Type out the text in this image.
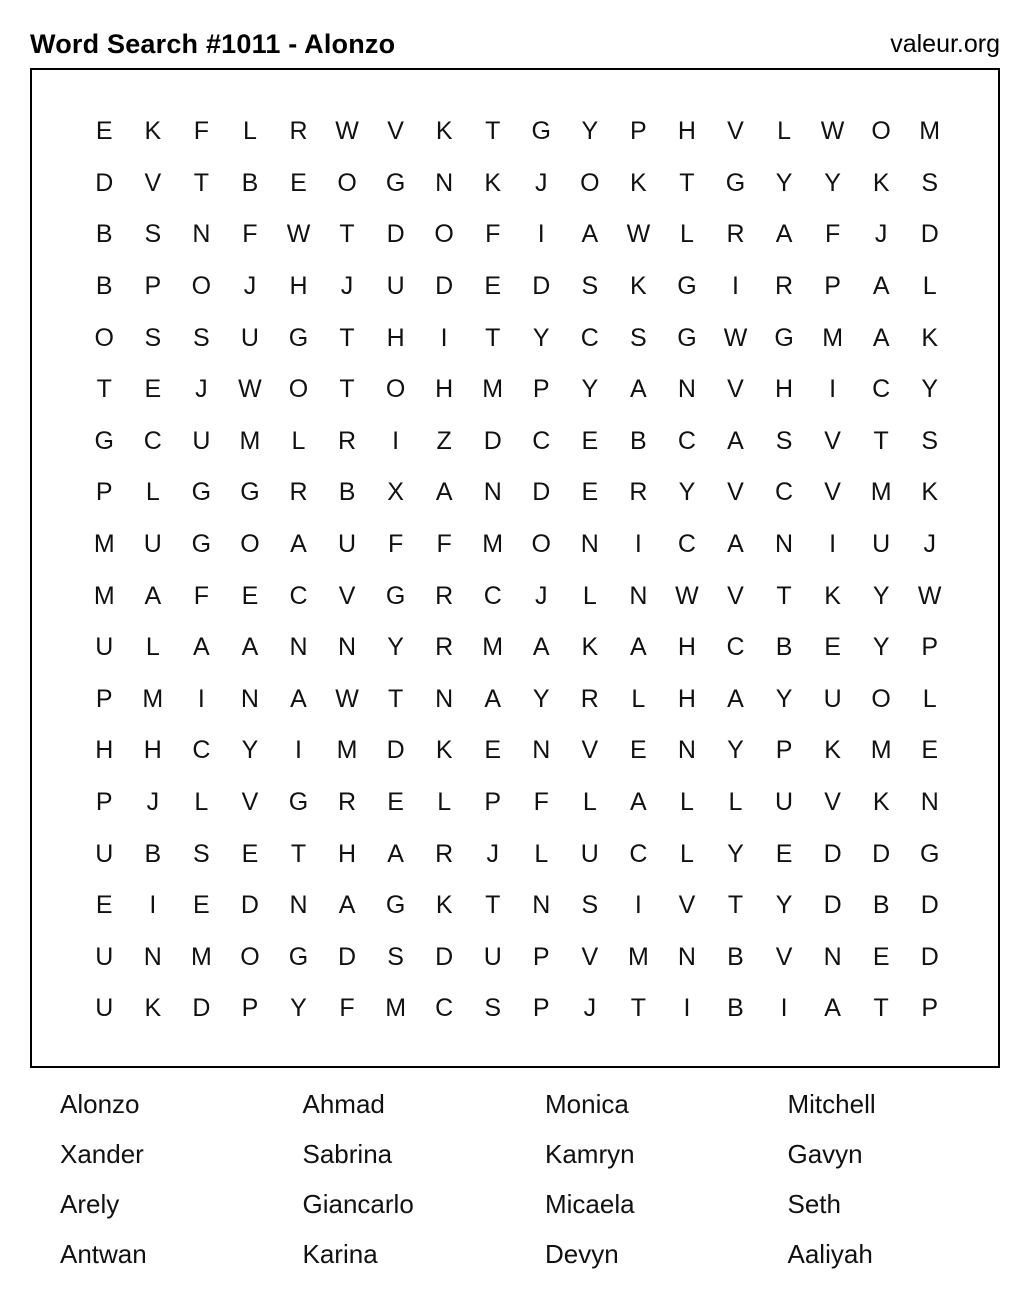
Word Search #1011 - Alonzo	valeur.org
E K F L R W V K T G Y P H V L W O M
D V T B E O G N K J O K T G Y Y K S
B S N F W T D O F I A W L R A F J D
B P O J H J U D E D S K G I R P A L
O S S U G T H I T Y C S G W G M A K
T E J W O T O H M P Y A N V H I C Y
G C U M L R I Z D C E B C A S V T S
P L G G R B X A N D E R Y V C V M K
M U G O A U F F M O N I C A N I U J
M A F E C V G R C J L N W V T K Y W
U L A A N N Y R M A K A H C B E Y P
P M I N A W T N A Y R L H A Y U O L
H H C Y I M D K E N V E N Y P K M E
P J L V G R E L P F L A L L U V K N
U B S E T H A R J L U C L Y E D D G
E I E D N A G K T N S I V T Y D B D
U N M O G D S D U P V M N B V N E D
U K D P Y F M C S P J T I B I A T P
Alonzo	Ahmad	Monica	Mitchell
Xander	Sabrina	Kamryn	Gavyn
Arely	Giancarlo	Micaela	Seth
Antwan	Karina	Devyn	Aaliyah
